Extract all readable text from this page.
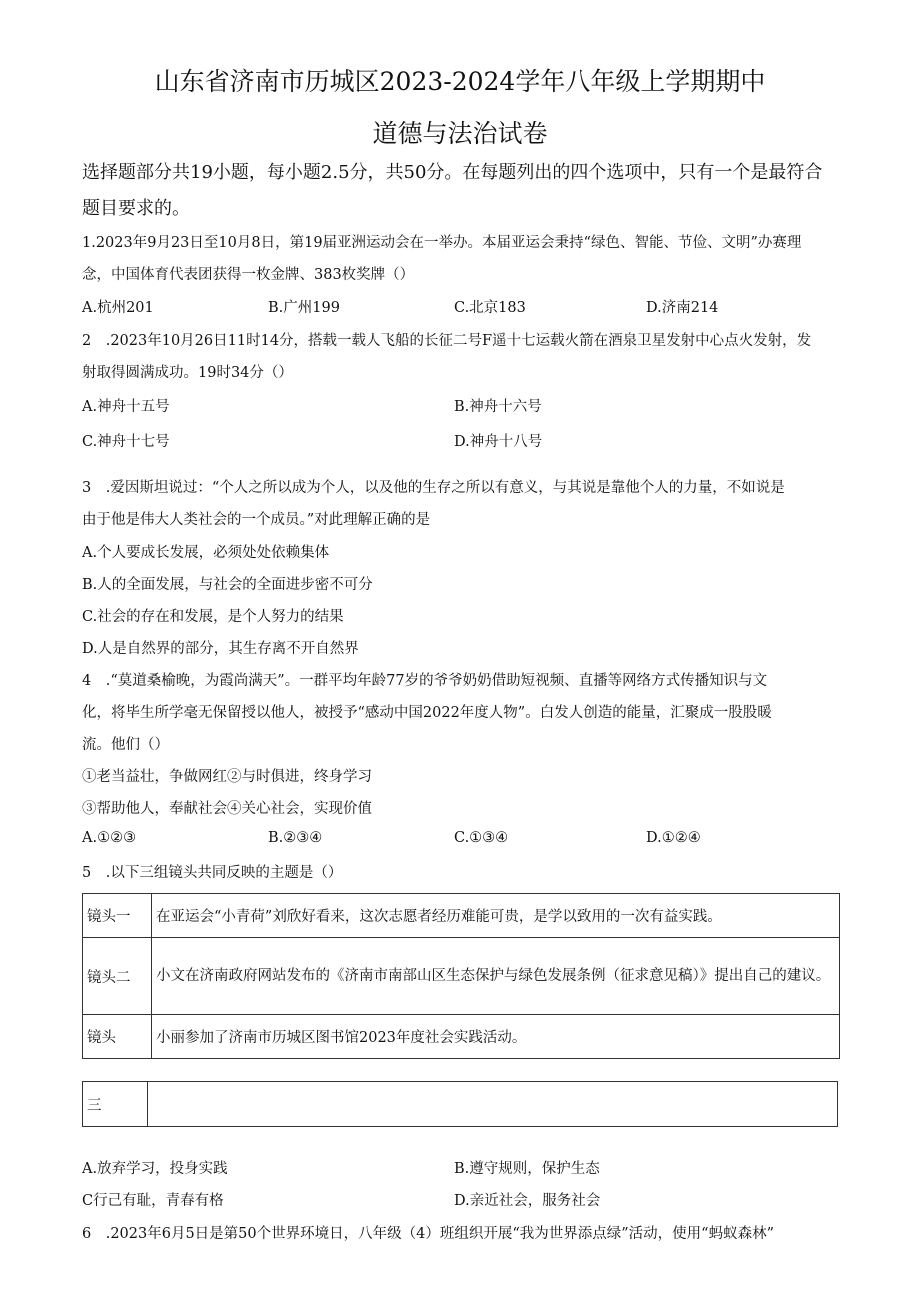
山东省济南市历城区2023-2024学年八年级上学期期中
道德与法治试卷
选择题部分共19小题，每小题2.5分，共50分。在每题列出的四个选项中，只有一个是最符合
题目要求的。
1.2023年9月23日至10月8日，第19届亚洲运动会在一举办。本届亚运会秉持“绿色、智能、节俭、文明”办赛理
念，中国体育代表团获得一枚金牌、383枚奖牌（）
A.杭州201	B.广州199	C.北京183	D.济南214
2　.2023年10月26日11时14分，搭载一载人飞船的长征二号F遥十七运载火箭在酒泉卫星发射中心点火发射，发
射取得圆满成功。19时34分（）
A.神舟十五号	B.神舟十六号
C.神舟十七号	D.神舟十八号
3　.爱因斯坦说过：“个人之所以成为个人，以及他的生存之所以有意义，与其说是靠他个人的力量，不如说是
由于他是伟大人类社会的一个成员。”对此理解正确的是
A.个人要成长发展，必须处处依赖集体
B.人的全面发展，与社会的全面进步密不可分
C.社会的存在和发展，是个人努力的结果
D.人是自然界的部分，其生存离不开自然界
4　.“莫道桑榆晚，为霞尚满天”。一群平均年龄77岁的爷爷奶奶借助短视频、直播等网络方式传播知识与文
化，将毕生所学毫无保留授以他人，被授予“感动中国2022年度人物”。白发人创造的能量，汇聚成一股股暖
流。他们（）
①老当益壮，争做网红②与时俱进，终身学习
③帮助他人，奉献社会④关心社会，实现价值
A.①②③	B.②③④	C.①③④	D.①②④
5　.以下三组镜头共同反映的主题是（）
镜头一	在亚运会“小青荷”刘欣好看来，这次志愿者经历难能可贵，是学以致用的一次有益实践。
镜头二	小文在济南政府网站发布的《济南市南部山区生态保护与绿色发展条例（征求意见稿）》提出自己的建议。
镜头	小丽参加了济南市历城区图书馆2023年度社会实践活动。
三	
A.放弃学习，投身实践	B.遵守规则，保护生态
C行己有耻，青春有格	D.亲近社会，服务社会
6　.2023年6月5日是第50个世界环境日，八年级（4）班组织开展“我为世界添点绿”活动，使用“蚂蚁森林”
